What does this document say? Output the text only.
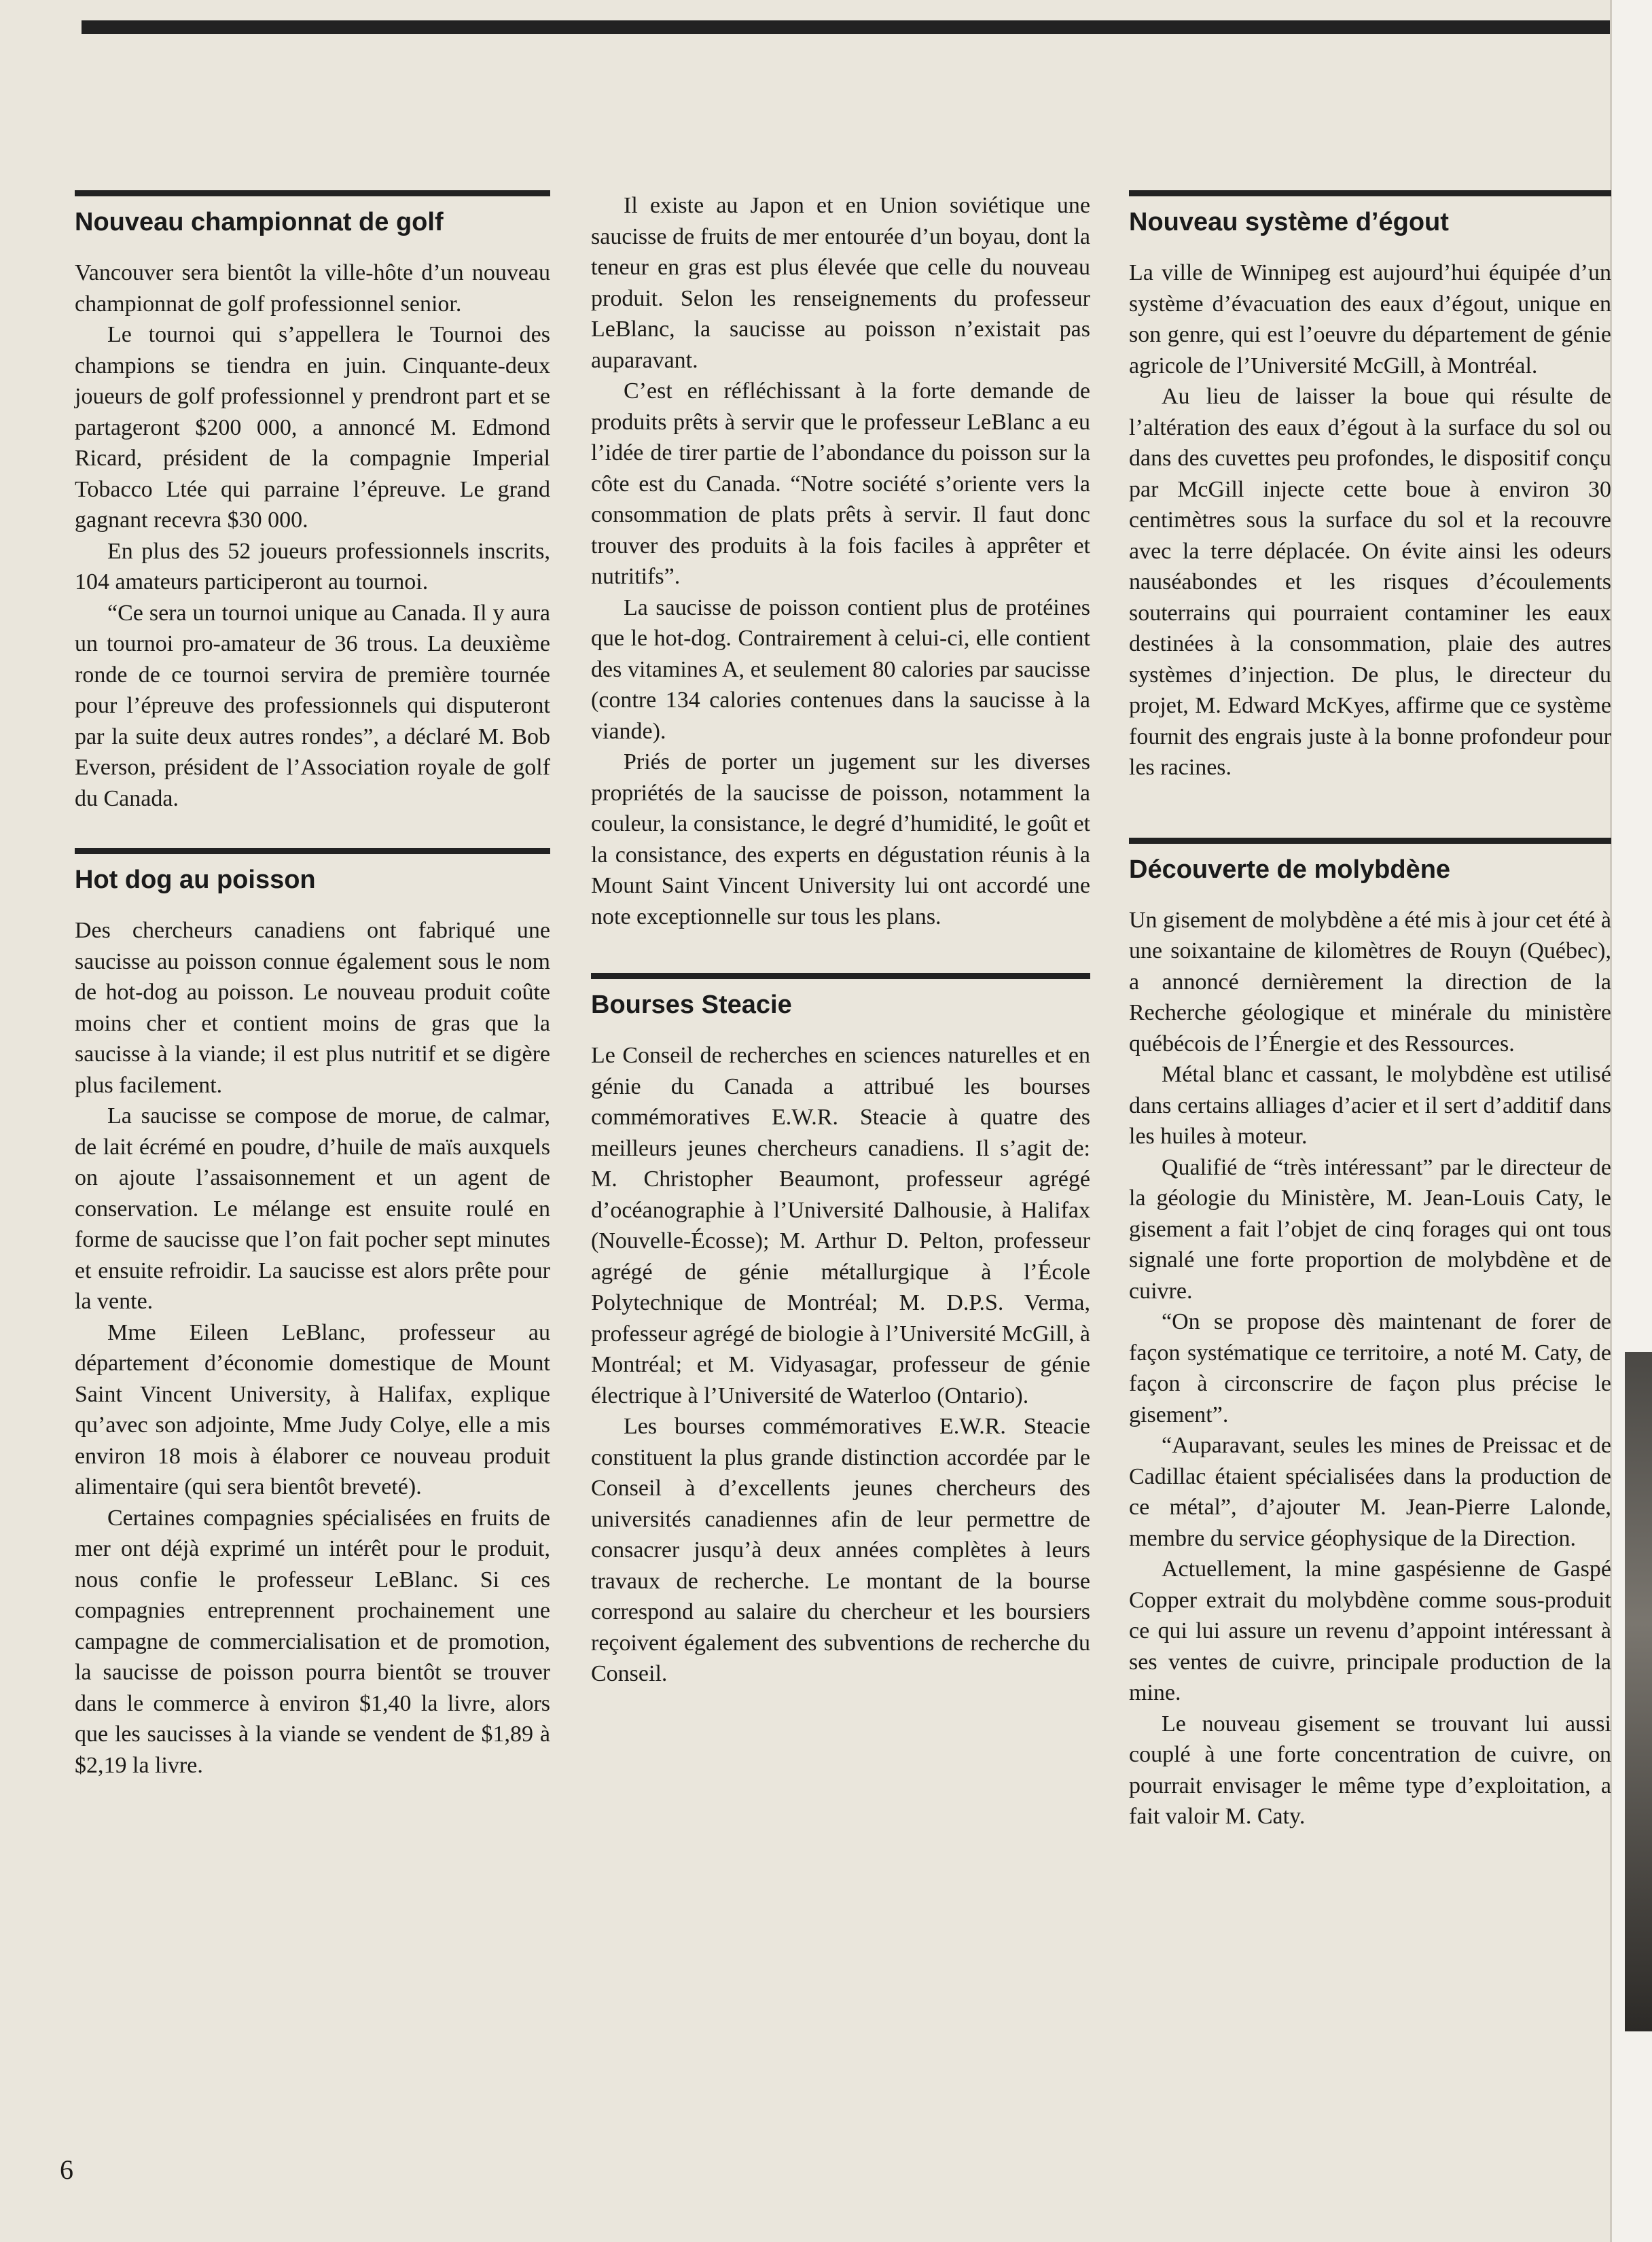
Nouveau championnat de golf

Vancouver sera bientôt la ville-hôte d’un nouveau championnat de golf professionnel senior.

Le tournoi qui s’appellera le Tournoi des champions se tiendra en juin. Cinquante-deux joueurs de golf professionnel y prendront part et se partageront $200 000, a annoncé M. Edmond Ricard, président de la compagnie Imperial Tobacco Ltée qui parraine l’épreuve. Le grand gagnant recevra $30 000.

En plus des 52 joueurs professionnels inscrits, 104 amateurs participeront au tournoi.

“Ce sera un tournoi unique au Canada. Il y aura un tournoi pro-amateur de 36 trous. La deuxième ronde de ce tournoi servira de première tournée pour l’épreuve des professionnels qui disputeront par la suite deux autres rondes”, a déclaré M. Bob Everson, président de l’Association royale de golf du Canada.

Hot dog au poisson

Des chercheurs canadiens ont fabriqué une saucisse au poisson connue également sous le nom de hot-dog au poisson. Le nouveau produit coûte moins cher et contient moins de gras que la saucisse à la viande; il est plus nutritif et se digère plus facilement.

La saucisse se compose de morue, de calmar, de lait écrémé en poudre, d’huile de maïs auxquels on ajoute l’assaisonnement et un agent de conservation. Le mélange est ensuite roulé en forme de saucisse que l’on fait pocher sept minutes et ensuite refroidir. La saucisse est alors prête pour la vente.

Mme Eileen LeBlanc, professeur au département d’économie domestique de Mount Saint Vincent University, à Halifax, explique qu’avec son adjointe, Mme Judy Colye, elle a mis environ 18 mois à élaborer ce nouveau produit alimentaire (qui sera bientôt breveté).

Certaines compagnies spécialisées en fruits de mer ont déjà exprimé un intérêt pour le produit, nous confie le professeur LeBlanc. Si ces compagnies entreprennent prochainement une campagne de commercialisation et de promotion, la saucisse de poisson pourra bientôt se trouver dans le commerce à environ $1,40 la livre, alors que les saucisses à la viande se vendent de $1,89 à $2,19 la livre.

Il existe au Japon et en Union soviétique une saucisse de fruits de mer entourée d’un boyau, dont la teneur en gras est plus élevée que celle du nouveau produit. Selon les renseignements du professeur LeBlanc, la saucisse au poisson n’existait pas auparavant.

C’est en réfléchissant à la forte demande de produits prêts à servir que le professeur LeBlanc a eu l’idée de tirer partie de l’abondance du poisson sur la côte est du Canada. “Notre société s’oriente vers la consommation de plats prêts à servir. Il faut donc trouver des produits à la fois faciles à apprêter et nutritifs”.

La saucisse de poisson contient plus de protéines que le hot-dog. Contrairement à celui-ci, elle contient des vitamines A, et seulement 80 calories par saucisse (contre 134 calories contenues dans la saucisse à la viande).

Priés de porter un jugement sur les diverses propriétés de la saucisse de poisson, notamment la couleur, la consistance, le degré d’humidité, le goût et la consistance, des experts en dégustation réunis à la Mount Saint Vincent University lui ont accordé une note exceptionnelle sur tous les plans.

Bourses Steacie

Le Conseil de recherches en sciences naturelles et en génie du Canada a attribué les bourses commémoratives E.W.R. Steacie à quatre des meilleurs jeunes chercheurs canadiens. Il s’agit de: M. Christopher Beaumont, professeur agrégé d’océanographie à l’Université Dalhousie, à Halifax (Nouvelle-Écosse); M. Arthur D. Pelton, professeur agrégé de génie métallurgique à l’École Polytechnique de Montréal; M. D.P.S. Verma, professeur agrégé de biologie à l’Université McGill, à Montréal; et M. Vidyasagar, professeur de génie électrique à l’Université de Waterloo (Ontario).

Les bourses commémoratives E.W.R. Steacie constituent la plus grande distinction accordée par le Conseil à d’excellents jeunes chercheurs des universités canadiennes afin de leur permettre de consacrer jusqu’à deux années complètes à leurs travaux de recherche. Le montant de la bourse correspond au salaire du chercheur et les boursiers reçoivent également des subventions de recherche du Conseil.

Nouveau système d’égout

La ville de Winnipeg est aujourd’hui équipée d’un système d’évacuation des eaux d’égout, unique en son genre, qui est l’oeuvre du département de génie agricole de l’Université McGill, à Montréal.

Au lieu de laisser la boue qui résulte de l’altération des eaux d’égout à la surface du sol ou dans des cuvettes peu profondes, le dispositif conçu par McGill injecte cette boue à environ 30 centimètres sous la surface du sol et la recouvre avec la terre déplacée. On évite ainsi les odeurs nauséabondes et les risques d’écoulements souterrains qui pourraient contaminer les eaux destinées à la consommation, plaie des autres systèmes d’injection. De plus, le directeur du projet, M. Edward McKyes, affirme que ce système fournit des engrais juste à la bonne profondeur pour les racines.

Découverte de molybdène

Un gisement de molybdène a été mis à jour cet été à une soixantaine de kilomètres de Rouyn (Québec), a annoncé dernièrement la direction de la Recherche géologique et minérale du ministère québécois de l’Énergie et des Ressources.

Métal blanc et cassant, le molybdène est utilisé dans certains alliages d’acier et il sert d’additif dans les huiles à moteur.

Qualifié de “très intéressant” par le directeur de la géologie du Ministère, M. Jean-Louis Caty, le gisement a fait l’objet de cinq forages qui ont tous signalé une forte proportion de molybdène et de cuivre.

“On se propose dès maintenant de forer de façon systématique ce territoire, a noté M. Caty, de façon à circonscrire de façon plus précise le gisement”.

“Auparavant, seules les mines de Preissac et de Cadillac étaient spécialisées dans la production de ce métal”, d’ajouter M. Jean-Pierre Lalonde, membre du service géophysique de la Direction.

Actuellement, la mine gaspésienne de Gaspé Copper extrait du molybdène comme sous-produit ce qui lui assure un revenu d’appoint intéressant à ses ventes de cuivre, principale production de la mine.

Le nouveau gisement se trouvant lui aussi couplé à une forte concentration de cuivre, on pourrait envisager le même type d’exploitation, a fait valoir M. Caty.

6
